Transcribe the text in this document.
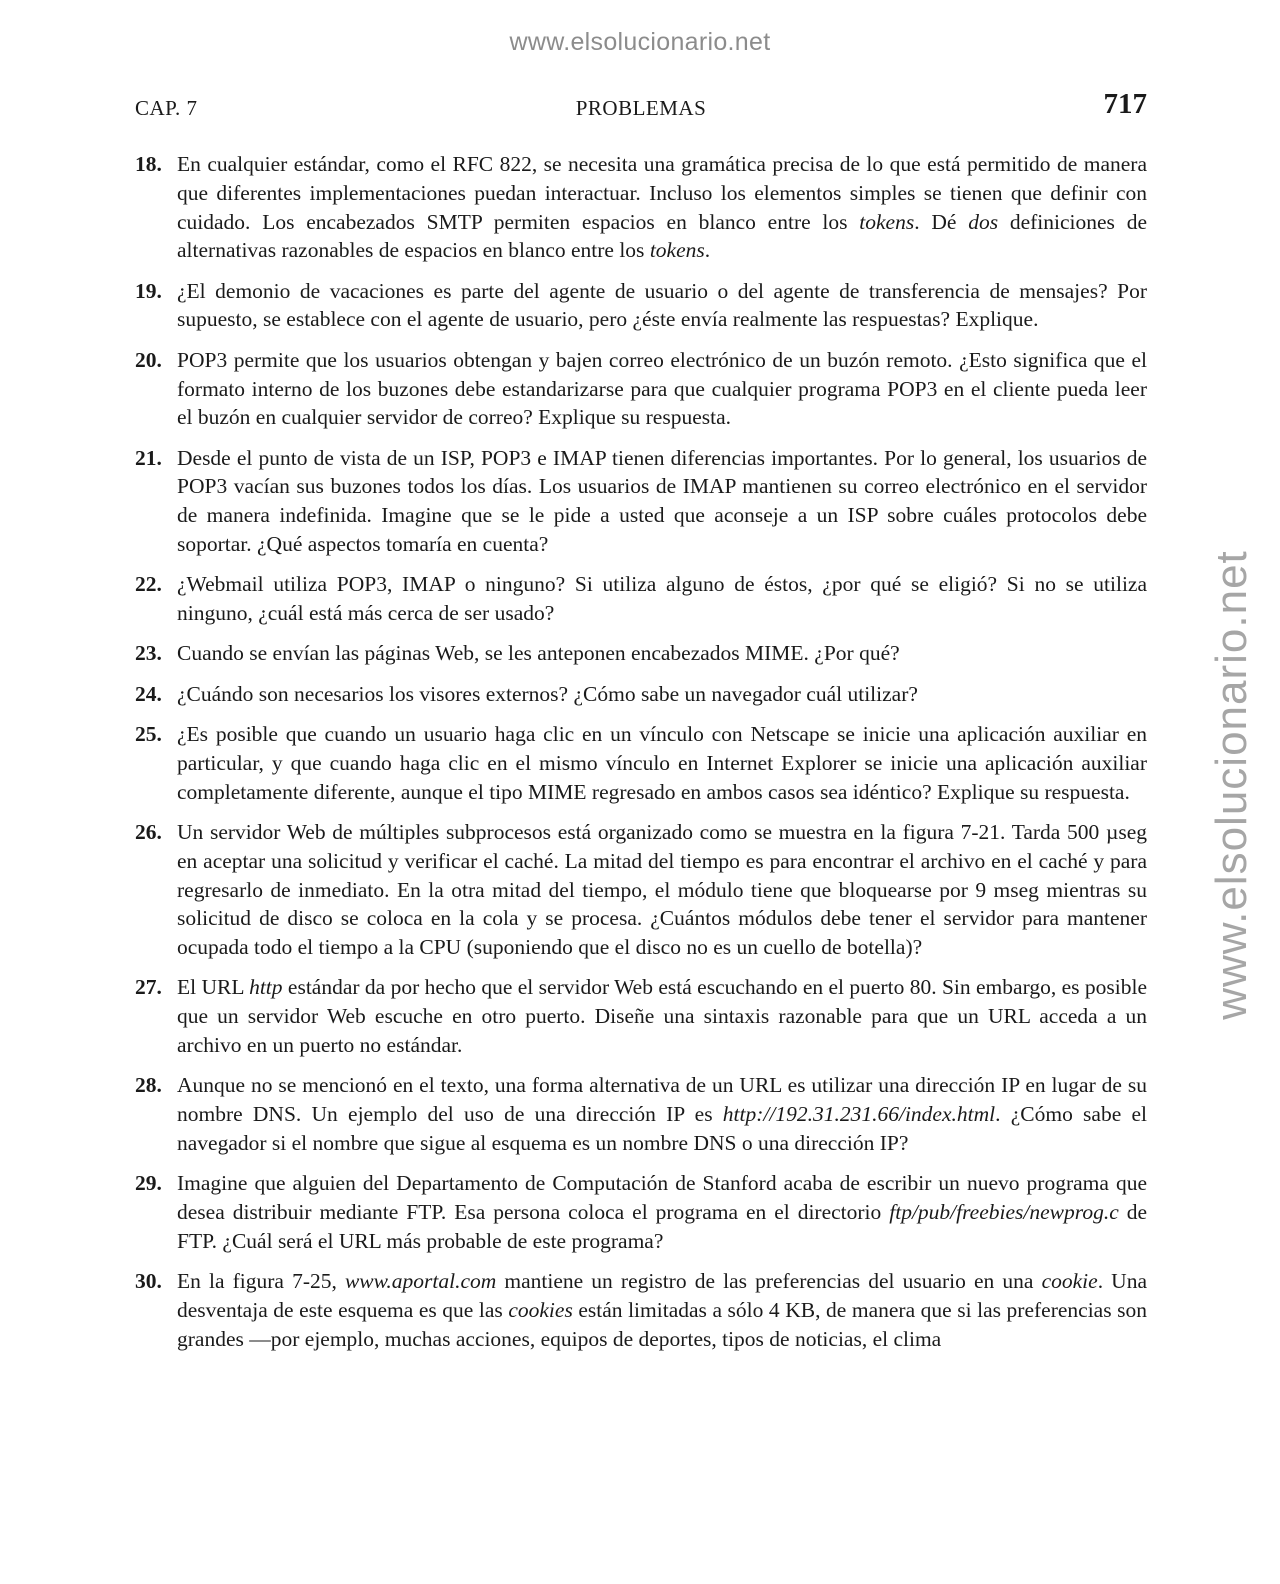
www.elsolucionario.net
www.elsolucionario.net
CAP. 7	PROBLEMAS	717
18. En cualquier estándar, como el RFC 822, se necesita una gramática precisa de lo que está permitido de manera que diferentes implementaciones puedan interactuar. Incluso los elementos simples se tienen que definir con cuidado. Los encabezados SMTP permiten espacios en blanco entre los tokens. Dé dos definiciones de alternativas razonables de espacios en blanco entre los tokens.
19. ¿El demonio de vacaciones es parte del agente de usuario o del agente de transferencia de mensajes? Por supuesto, se establece con el agente de usuario, pero ¿éste envía realmente las respuestas? Explique.
20. POP3 permite que los usuarios obtengan y bajen correo electrónico de un buzón remoto. ¿Esto significa que el formato interno de los buzones debe estandarizarse para que cualquier programa POP3 en el cliente pueda leer el buzón en cualquier servidor de correo? Explique su respuesta.
21. Desde el punto de vista de un ISP, POP3 e IMAP tienen diferencias importantes. Por lo general, los usuarios de POP3 vacían sus buzones todos los días. Los usuarios de IMAP mantienen su correo electrónico en el servidor de manera indefinida. Imagine que se le pide a usted que aconseje a un ISP sobre cuáles protocolos debe soportar. ¿Qué aspectos tomaría en cuenta?
22. ¿Webmail utiliza POP3, IMAP o ninguno? Si utiliza alguno de éstos, ¿por qué se eligió? Si no se utiliza ninguno, ¿cuál está más cerca de ser usado?
23. Cuando se envían las páginas Web, se les anteponen encabezados MIME. ¿Por qué?
24. ¿Cuándo son necesarios los visores externos? ¿Cómo sabe un navegador cuál utilizar?
25. ¿Es posible que cuando un usuario haga clic en un vínculo con Netscape se inicie una aplicación auxiliar en particular, y que cuando haga clic en el mismo vínculo en Internet Explorer se inicie una aplicación auxiliar completamente diferente, aunque el tipo MIME regresado en ambos casos sea idéntico? Explique su respuesta.
26. Un servidor Web de múltiples subprocesos está organizado como se muestra en la figura 7-21. Tarda 500 µseg en aceptar una solicitud y verificar el caché. La mitad del tiempo es para encontrar el archivo en el caché y para regresarlo de inmediato. En la otra mitad del tiempo, el módulo tiene que bloquearse por 9 mseg mientras su solicitud de disco se coloca en la cola y se procesa. ¿Cuántos módulos debe tener el servidor para mantener ocupada todo el tiempo a la CPU (suponiendo que el disco no es un cuello de botella)?
27. El URL http estándar da por hecho que el servidor Web está escuchando en el puerto 80. Sin embargo, es posible que un servidor Web escuche en otro puerto. Diseñe una sintaxis razonable para que un URL acceda a un archivo en un puerto no estándar.
28. Aunque no se mencionó en el texto, una forma alternativa de un URL es utilizar una dirección IP en lugar de su nombre DNS. Un ejemplo del uso de una dirección IP es http://192.31.231.66/index.html. ¿Cómo sabe el navegador si el nombre que sigue al esquema es un nombre DNS o una dirección IP?
29. Imagine que alguien del Departamento de Computación de Stanford acaba de escribir un nuevo programa que desea distribuir mediante FTP. Esa persona coloca el programa en el directorio ftp/pub/freebies/newprog.c de FTP. ¿Cuál será el URL más probable de este programa?
30. En la figura 7-25, www.aportal.com mantiene un registro de las preferencias del usuario en una cookie. Una desventaja de este esquema es que las cookies están limitadas a sólo 4 KB, de manera que si las preferencias son grandes —por ejemplo, muchas acciones, equipos de deportes, tipos de noticias, el clima
